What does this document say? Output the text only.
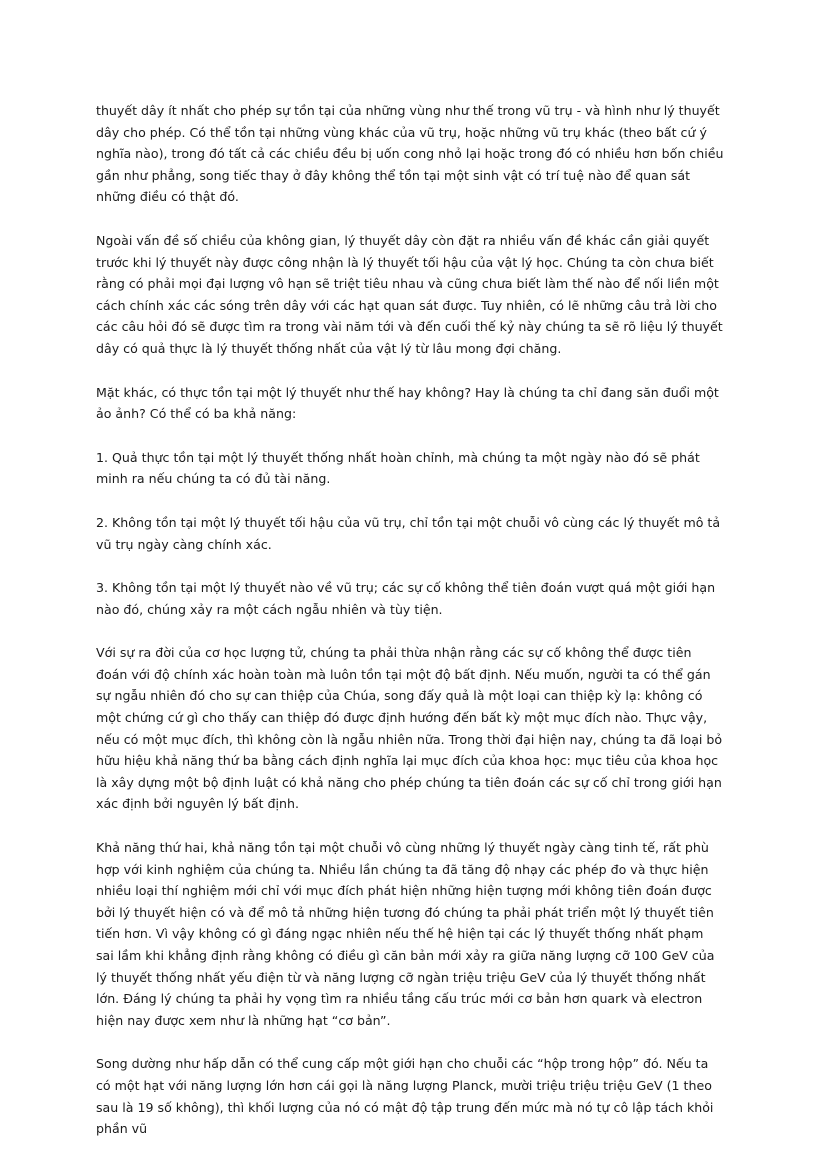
thuyết dây ít nhất cho phép sự tồn tại của những vùng như thế trong vũ trụ - và hình như lý thuyết dây cho phép. Có thể tồn tại những vùng khác của vũ trụ, hoặc những vũ trụ khác (theo bất cứ ý nghĩa nào), trong đó tất cả các chiều đều bị uốn cong nhỏ lại hoặc trong đó có nhiều hơn bốn chiều gần như phẳng, song tiếc thay ở đây không thể tồn tại một sinh vật có trí tuệ nào để quan sát những điều có thật đó.

Ngoài vấn đề số chiều của không gian, lý thuyết dây còn đặt ra nhiều vấn đề khác cần giải quyết trước khi lý thuyết này được công nhận là lý thuyết tối hậu của vật lý học. Chúng ta còn chưa biết rằng có phải mọi đại lượng vô hạn sẽ triệt tiêu nhau và cũng chưa biết làm thế nào để nối liền một cách chính xác các sóng trên dây với các hạt quan sát được. Tuy nhiên, có lẽ những câu trả lời cho các câu hỏi đó sẽ được tìm ra trong vài năm tới và đến cuối thế kỷ này chúng ta sẽ rõ liệu lý thuyết dây có quả thực là lý thuyết thống nhất của vật lý từ lâu mong đợi chăng.

Mặt khác, có thực tồn tại một lý thuyết như thế hay không? Hay là chúng ta chỉ đang săn đuổi một ảo ảnh? Có thể có ba khả năng:

1. Quả thực tồn tại một lý thuyết thống nhất hoàn chỉnh, mà chúng ta một ngày nào đó sẽ phát minh ra nếu chúng ta có đủ tài năng.

2. Không tồn tại một lý thuyết tối hậu của vũ trụ, chỉ tồn tại một chuỗi vô cùng các lý thuyết mô tả vũ trụ ngày càng chính xác.

3. Không tồn tại một lý thuyết nào về vũ trụ; các sự cố không thể tiên đoán vượt quá một giới hạn nào đó, chúng xảy ra một cách ngẫu nhiên và tùy tiện.

Với sự ra đời của cơ học lượng tử, chúng ta phải thừa nhận rằng các sự cố không thể được tiên đoán với độ chính xác hoàn toàn mà luôn tồn tại một độ bất định. Nếu muốn, người ta có thể gán sự ngẫu nhiên đó cho sự can thiệp của Chúa, song đấy quả là một loại can thiệp kỳ lạ: không có một chứng cứ gì cho thấy can thiệp đó được định hướng đến bất kỳ một mục đích nào. Thực vậy, nếu có một mục đích, thì không còn là ngẫu nhiên nữa. Trong thời đại hiện nay, chúng ta đã loại bỏ hữu hiệu khả năng thứ ba bằng cách định nghĩa lại mục đích của khoa học: mục tiêu của khoa học là xây dựng một bộ định luật có khả năng cho phép chúng ta tiên đoán các sự cố chỉ trong giới hạn xác định bởi nguyên lý bất định.

Khả năng thứ hai, khả năng tồn tại một chuỗi vô cùng những lý thuyết ngày càng tinh tế, rất phù hợp với kinh nghiệm của chúng ta. Nhiều lần chúng ta đã tăng độ nhạy các phép đo và thực hiện nhiều loại thí nghiệm mới chỉ với mục đích phát hiện những hiện tượng mới không tiên đoán được bởi lý thuyết hiện có và để mô tả những hiện tương đó chúng ta phải phát triển một lý thuyết tiên tiến hơn. Vì vậy không có gì đáng ngạc nhiên nếu thế hệ hiện tại các lý thuyết thống nhất phạm sai lầm khi khẳng định rằng không có điều gì căn bản mới xảy ra giữa năng lượng cỡ 100 GeV của lý thuyết thống nhất yếu điện từ và năng lượng cỡ ngàn triệu triệu GeV của lý thuyết thống nhất lớn. Đáng lý chúng ta phải hy vọng tìm ra nhiều tầng cấu trúc mới cơ bản hơn quark và electron hiện nay được xem như là những hạt “cơ bản”.

Song dường như hấp dẫn có thể cung cấp một giới hạn cho chuỗi các “hộp trong hộp” đó. Nếu ta có một hạt với năng lượng lớn hơn cái gọi là năng lượng Planck, mười triệu triệu triệu GeV (1 theo sau là 19 số không), thì khối lượng của nó có mật độ tập trung đến mức mà nó tự cô lập tách khỏi phần vũ
